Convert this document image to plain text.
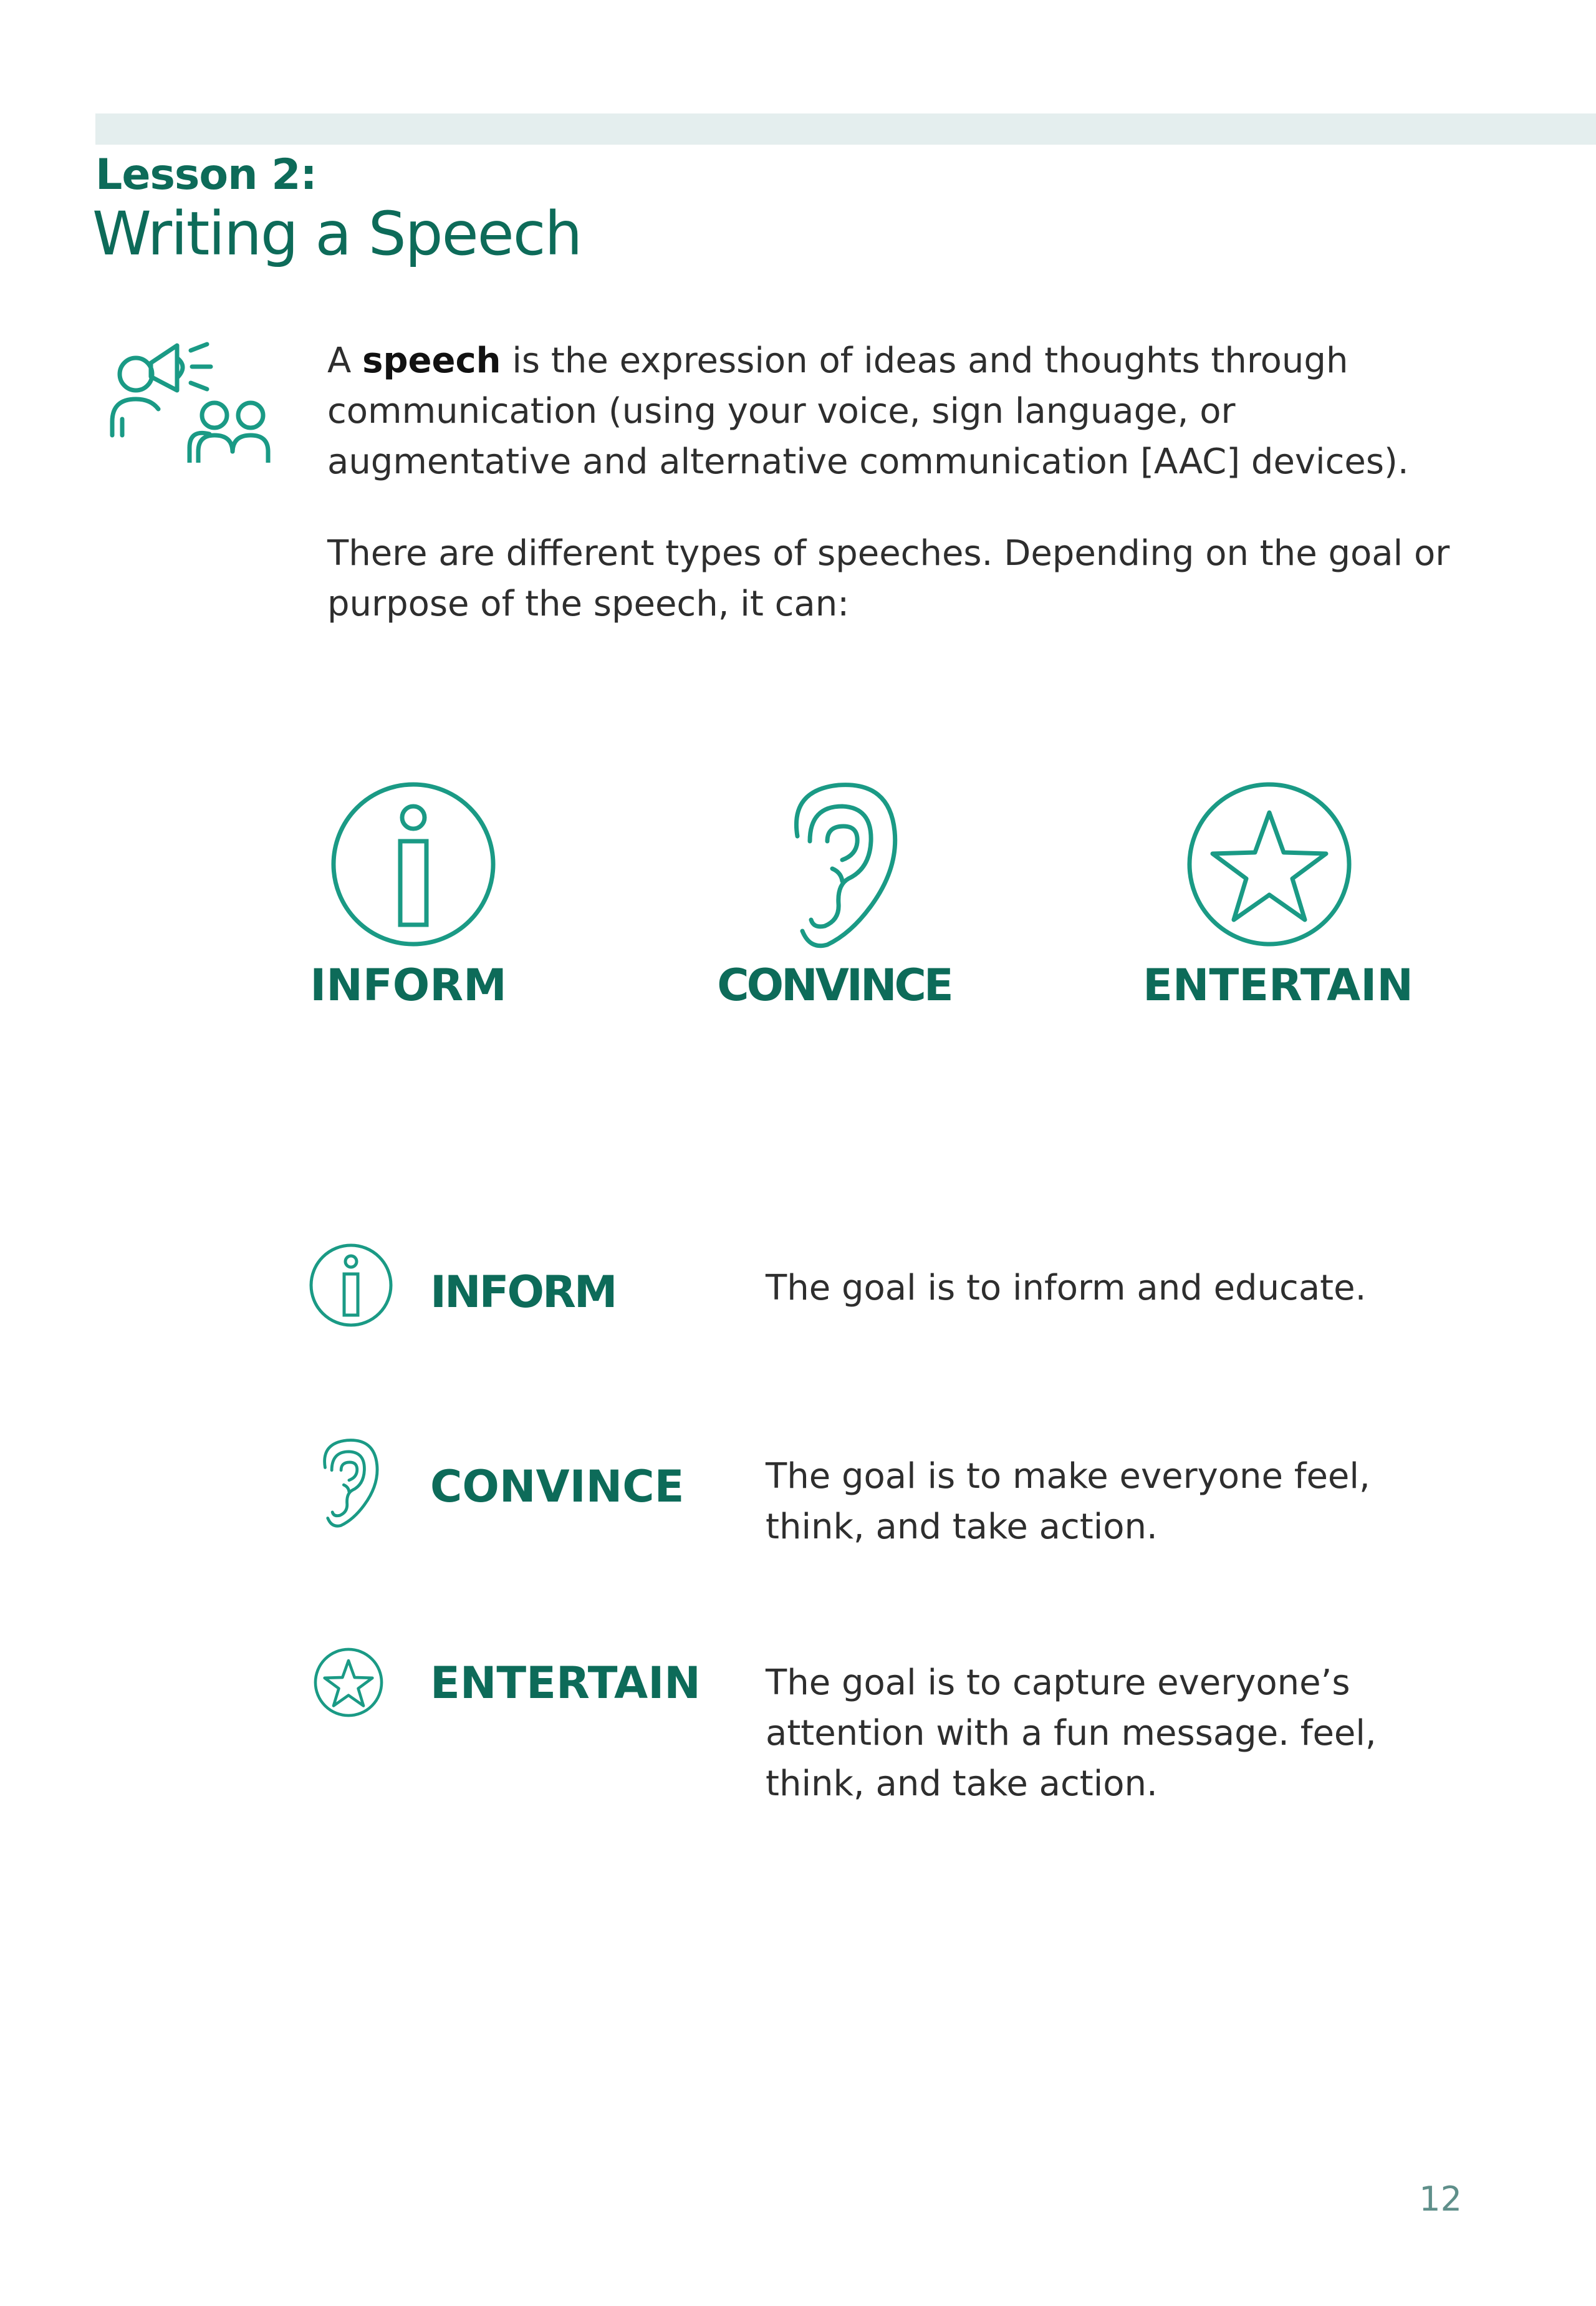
Lesson 2:
Writing a Speech

A speech is the expression of ideas and thoughts through communication (using your voice, sign language, or augmentative and alternative communication [AAC] devices).

There are different types of speeches. Depending on the goal or purpose of the speech, it can:

INFORM	CONVINCE	ENTERTAIN
INFORM	The goal is to inform and educate.
CONVINCE The goal is to make everyone feel, think, and take action.
ENTERTAIN The goal is to capture everyone’s attention with a fun message. feel, think, and take action.
12
